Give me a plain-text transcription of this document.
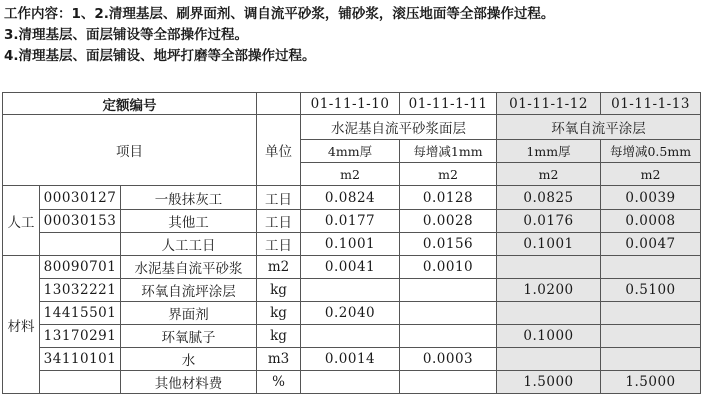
工作内容：1、2.清理基层、刷界面剂、调自流平砂浆，铺砂浆，滚压地面等全部操作过程。
3.清理基层、面层铺设等全部操作过程。
4.清理基层、面层铺设、地坪打磨等全部操作过程。
定额编号				01-11-1-10	01-11-1-11	01-11-1-12	01-11-1-13
项目			单位	水泥基自流平砂浆面层		环氧自流平涂层	
				4mm厚	每增减1mm	1mm厚	每增减0.5mm
				m2	m2	m2	m2
人工	00030127	一般抹灰工	工日	0.0824	0.0128	0.0825	0.0039
	00030153	其他工	工日	0.0177	0.0028	0.0176	0.0008
		人工工日	工日	0.1001	0.0156	0.1001	0.0047
材料	80090701	水泥基自流平砂浆	m2	0.0041	0.0010		
	13032221	环氧自流坪涂层	kg			1.0200	0.5100
	14415501	界面剂	kg	0.2040			
	13170291	环氧腻子	kg			0.1000	
	34110101	水	m3	0.0014	0.0003		
		其他材料费	%			1.5000	1.5000
